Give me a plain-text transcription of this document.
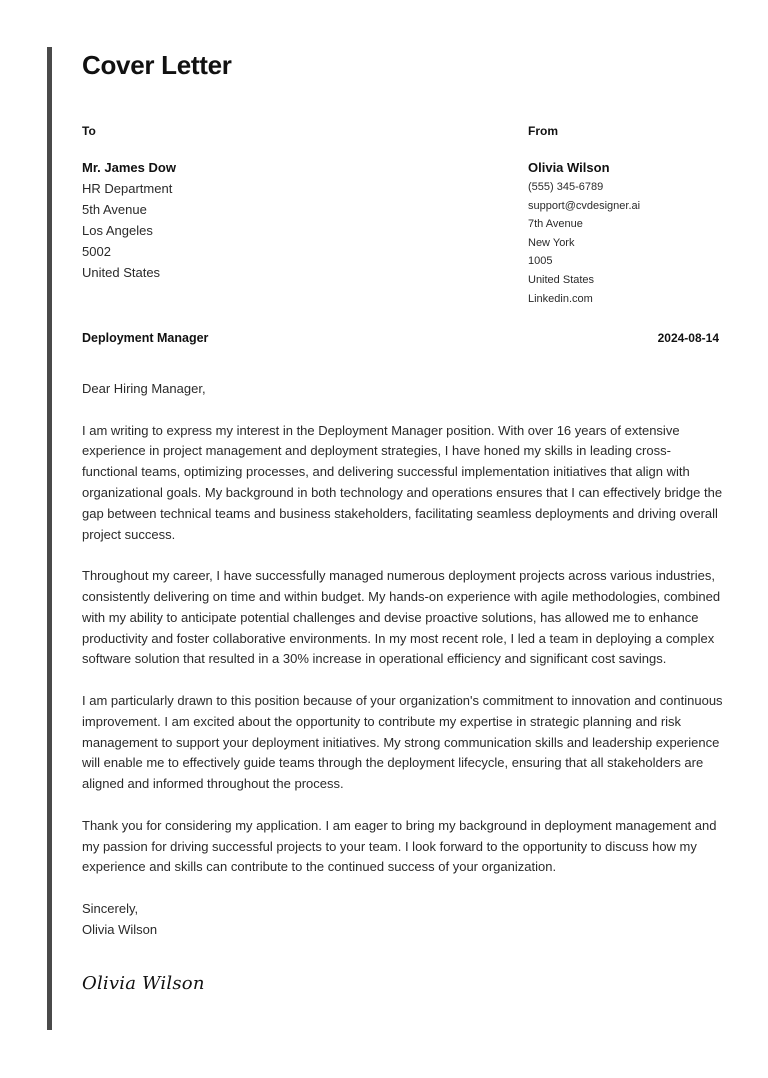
Cover Letter
To	From
Mr. James Dow
HR Department
5th Avenue
Los Angeles
5002
United States
Olivia Wilson
(555) 345-6789
support@cvdesigner.ai
7th Avenue
New York
1005
United States
Linkedin.com
Deployment Manager	2024-08-14
Dear Hiring Manager,

I am writing to express my interest in the Deployment Manager position. With over 16 years of extensive experience in project management and deployment strategies, I have honed my skills in leading cross-functional teams, optimizing processes, and delivering successful implementation initiatives that align with organizational goals. My background in both technology and operations ensures that I can effectively bridge the gap between technical teams and business stakeholders, facilitating seamless deployments and driving overall project success.

Throughout my career, I have successfully managed numerous deployment projects across various industries, consistently delivering on time and within budget. My hands-on experience with agile methodologies, combined with my ability to anticipate potential challenges and devise proactive solutions, has allowed me to enhance productivity and foster collaborative environments. In my most recent role, I led a team in deploying a complex software solution that resulted in a 30% increase in operational efficiency and significant cost savings.

I am particularly drawn to this position because of your organization's commitment to innovation and continuous improvement. I am excited about the opportunity to contribute my expertise in strategic planning and risk management to support your deployment initiatives. My strong communication skills and leadership experience will enable me to effectively guide teams through the deployment lifecycle, ensuring that all stakeholders are aligned and informed throughout the process.

Thank you for considering my application. I am eager to bring my background in deployment management and my passion for driving successful projects to your team. I look forward to the opportunity to discuss how my experience and skills can contribute to the continued success of your organization.

Sincerely,
Olivia Wilson
Olivia Wilson
